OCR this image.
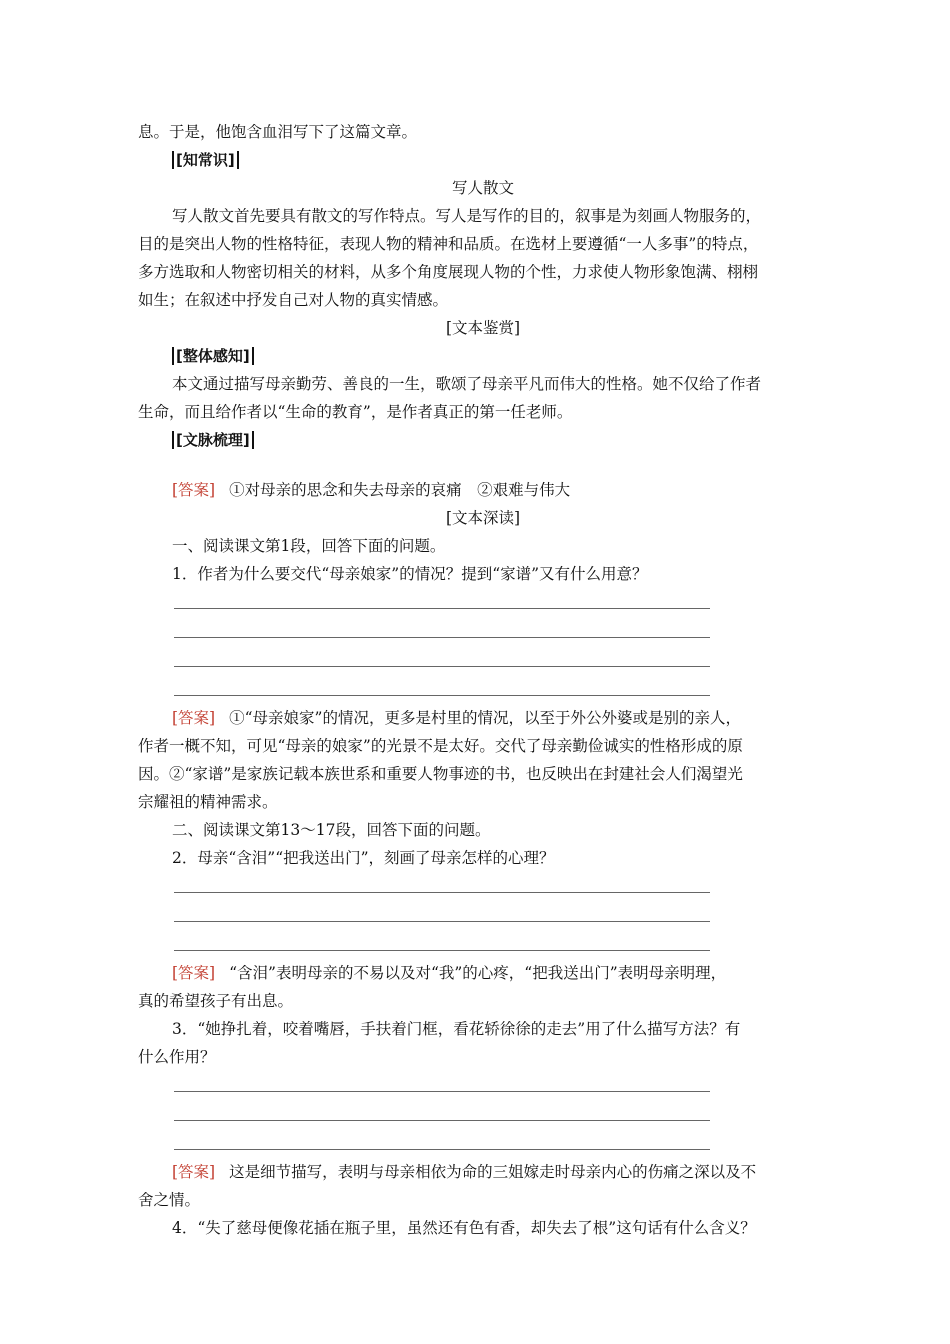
息。于是，他饱含血泪写下了这篇文章。
[知常识]
写人散文
写人散文首先要具有散文的写作特点。写人是写作的目的，叙事是为刻画人物服务的，
目的是突出人物的性格特征，表现人物的精神和品质。在选材上要遵循“一人多事”的特点，
多方选取和人物密切相关的材料，从多个角度展现人物的个性，力求使人物形象饱满、栩栩
如生；在叙述中抒发自己对人物的真实情感。
[文本鉴赏]
[整体感知]
本文通过描写母亲勤劳、善良的一生，歌颂了母亲平凡而伟大的性格。她不仅给了作者
生命，而且给作者以“生命的教育”，是作者真正的第一任老师。
[文脉梳理]
[答案] ①对母亲的思念和失去母亲的哀痛　②艰难与伟大
[文本深读]
一、阅读课文第1段，回答下面的问题。
1．作者为什么要交代“母亲娘家”的情况？提到“家谱”又有什么用意？
[答案] ①“母亲娘家”的情况，更多是村里的情况，以至于外公外婆或是别的亲人，
作者一概不知，可见“母亲的娘家”的光景不是太好。交代了母亲勤俭诚实的性格形成的原
因。②“家谱”是家族记载本族世系和重要人物事迹的书，也反映出在封建社会人们渴望光
宗耀祖的精神需求。
二、阅读课文第13～17段，回答下面的问题。
2．母亲“含泪”“把我送出门”，刻画了母亲怎样的心理？
[答案] “含泪”表明母亲的不易以及对“我”的心疼，“把我送出门”表明母亲明理，
真的希望孩子有出息。
3．“她挣扎着，咬着嘴唇，手扶着门框，看花轿徐徐的走去”用了什么描写方法？有
什么作用？
[答案] 这是细节描写，表明与母亲相依为命的三姐嫁走时母亲内心的伤痛之深以及不
舍之情。
4．“失了慈母便像花插在瓶子里，虽然还有色有香，却失去了根”这句话有什么含义？
